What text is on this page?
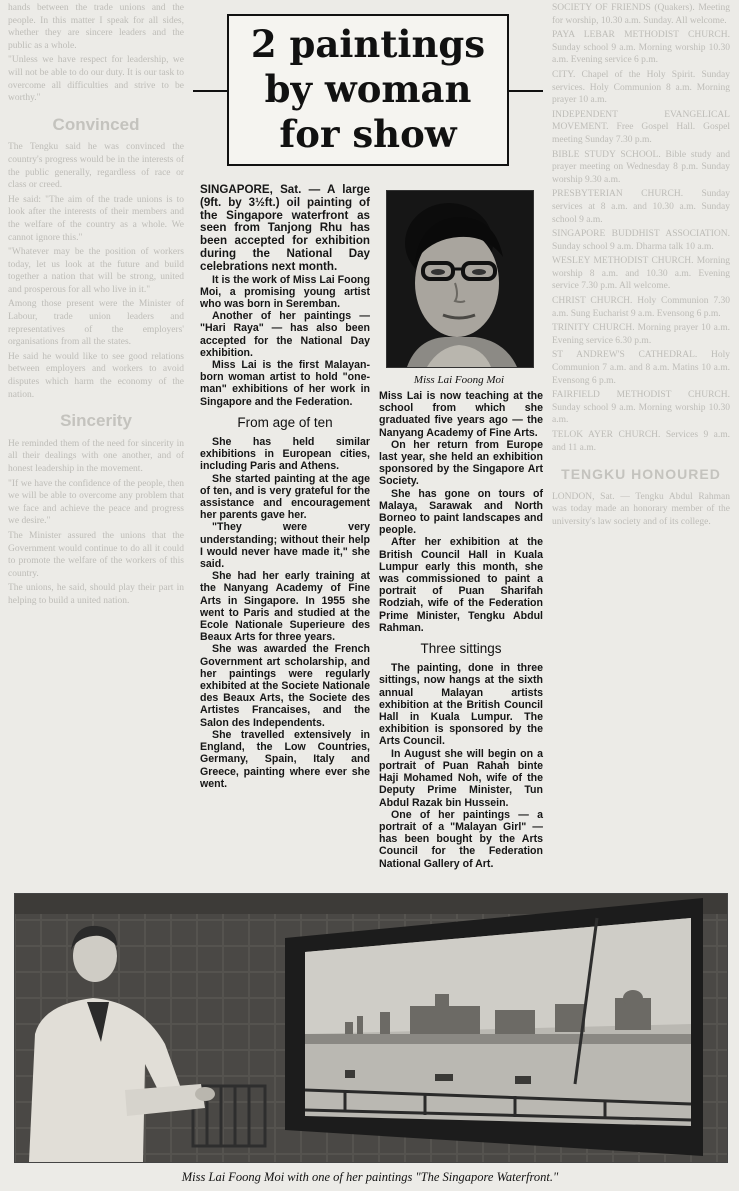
hands between the trade unions and the people. In this matter I speak for all sides, whether they are sincere leaders and the public as a whole.

"Unless we have respect for leadership, we will not be able to do our duty. It is our task to overcome all difficulties and strive to be worthy."

Convinced

The Tengku said he was convinced the country's progress would be in the interests of the public generally, regardless of race or class or creed.

He said: "The aim of the trade unions is to look after the interests of their members and the welfare of the country as a whole. We cannot ignore this."

"Whatever may be the position of workers today, let us look at the future and build together a nation that will be strong, united and prosperous for all who live in it."

Among those present were the Minister of Labour, trade union leaders and representatives of the employers' organisations from all the states.

He said he would like to see good relations between employers and workers to avoid disputes which harm the economy of the nation.

Sincerity

He reminded them of the need for sincerity in all their dealings with one another, and of honest leadership in the movement.

"If we have the confidence of the people, then we will be able to overcome any problem that we face and achieve the peace and progress we desire."

The Minister assured the unions that the Government would continue to do all it could to promote the welfare of the workers of this country.

The unions, he said, should play their part in helping to build a united nation.

SOCIETY OF FRIENDS (Quakers). Meeting for worship, 10.30 a.m. Sunday. All welcome.

PAYA LEBAR METHODIST CHURCH. Sunday school 9 a.m. Morning worship 10.30 a.m. Evening service 6 p.m.

CITY. Chapel of the Holy Spirit. Sunday services. Holy Communion 8 a.m. Morning prayer 10 a.m.

INDEPENDENT EVANGELICAL MOVEMENT. Free Gospel Hall. Gospel meeting Sunday 7.30 p.m.

BIBLE STUDY SCHOOL. Bible study and prayer meeting on Wednesday 8 p.m. Sunday worship 9.30 a.m.

PRESBYTERIAN CHURCH. Sunday services at 8 a.m. and 10.30 a.m. Sunday school 9 a.m.

SINGAPORE BUDDHIST ASSOCIATION. Sunday school 9 a.m. Dharma talk 10 a.m.

WESLEY METHODIST CHURCH. Morning worship 8 a.m. and 10.30 a.m. Evening service 7.30 p.m. All welcome.

CHRIST CHURCH. Holy Communion 7.30 a.m. Sung Eucharist 9 a.m. Evensong 6 p.m.

TRINITY CHURCH. Morning prayer 10 a.m. Evening service 6.30 p.m.

ST ANDREW'S CATHEDRAL. Holy Communion 7 a.m. and 8 a.m. Matins 10 a.m. Evensong 6 p.m.

FAIRFIELD METHODIST CHURCH. Sunday school 9 a.m. Morning worship 10.30 a.m.

TELOK AYER CHURCH. Services 9 a.m. and 11 a.m.

TENGKU HONOURED

LONDON, Sat. — Tengku Abdul Rahman was today made an honorary member of the university's law society and of its college.

2 paintings
by woman
for show

SINGAPORE, Sat. — A large (9ft. by 3½ft.) oil painting of the Singapore waterfront as seen from Tanjong Rhu has been accepted for exhibition during the National Day celebrations next month.

It is the work of Miss Lai Foong Moi, a promising young artist who was born in Seremban.

Another of her paintings — "Hari Raya" — has also been accepted for the National Day exhibition.

Miss Lai is the first Malayan-born woman artist to hold "one-man" exhibitions of her work in Singapore and the Federation.

From age of ten

She has held similar exhibitions in European cities, including Paris and Athens.

She started painting at the age of ten, and is very grateful for the assistance and encouragement her parents gave her.

"They were very understanding; without their help I would never have made it," she said.

She had her early training at the Nanyang Academy of Fine Arts in Singapore. In 1955 she went to Paris and studied at the Ecole Nationale Superieure des Beaux Arts for three years.

She was awarded the French Government art scholarship, and her paintings were regularly exhibited at the Societe Nationale des Beaux Arts, the Societe des Artistes Francaises, and the Salon des Independents.

She travelled extensively in England, the Low Countries, Germany, Spain, Italy and Greece, painting where ever she went.

Miss Lai Foong Moi

Miss Lai is now teaching at the school from which she graduated five years ago — the Nanyang Academy of Fine Arts.

On her return from Europe last year, she held an exhibition sponsored by the Singapore Art Society.

She has gone on tours of Malaya, Sarawak and North Borneo to paint landscapes and people.

After her exhibition at the British Council Hall in Kuala Lumpur early this month, she was commissioned to paint a portrait of Puan Sharifah Rodziah, wife of the Federation Prime Minister, Tengku Abdul Rahman.

Three sittings

The painting, done in three sittings, now hangs at the sixth annual Malayan artists exhibition at the British Council Hall in Kuala Lumpur. The exhibition is sponsored by the Arts Council.

In August she will begin on a portrait of Puan Rahah binte Haji Mohamed Noh, wife of the Deputy Prime Minister, Tun Abdul Razak bin Hussein.

One of her paintings — a portrait of a "Malayan Girl" — has been bought by the Arts Council for the Federation National Gallery of Art.

Miss Lai Foong Moi with one of her paintings "The Singapore Waterfront."
